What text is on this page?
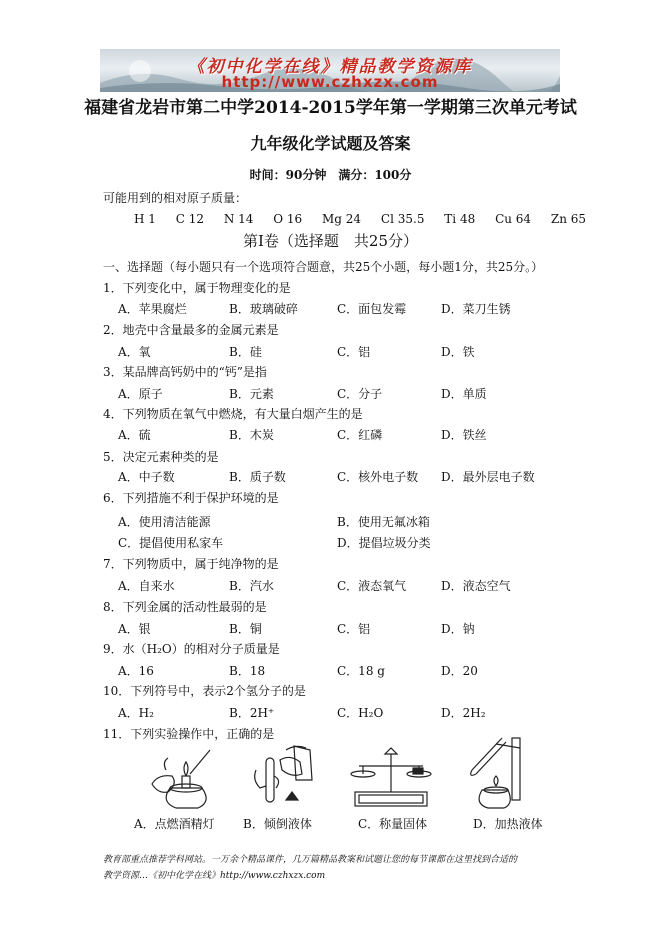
《初中化学在线》精品教学资源库
http://www.czhxzx.com
福建省龙岩市第二中学2014-2015学年第一学期第三次单元考试
九年级化学试题及答案
时间：90分钟　满分：100分
可能用到的相对原子质量：
H 1 C 12 N 14 O 16 Mg 24 Cl 35.5 Ti 48 Cu 64 Zn 65
第Ⅰ卷（选择题　共25分）
一、选择题（每小题只有一个选项符合题意，共25个小题，每小题1分，共25分。）
1．下列变化中，属于物理变化的是
A．苹果腐烂	B．玻璃破碎	C．面包发霉	D．菜刀生锈
2．地壳中含量最多的金属元素是
A．氧	B．硅	C．铝	D．铁
3．某品牌高钙奶中的“钙”是指
A．原子	B．元素	C．分子	D．单质
4．下列物质在氧气中燃烧，有大量白烟产生的是
A．硫	B．木炭	C．红磷	D．铁丝
5．决定元素种类的是
A．中子数	B．质子数	C．核外电子数 D．最外层电子数
6．下列措施不利于保护环境的是
A．使用清洁能源	B．使用无氟冰箱
C．提倡使用私家车	D．提倡垃圾分类
7．下列物质中，属于纯净物的是
A．自来水	B．汽水	C．液态氧气	D．液态空气
8．下列金属的活动性最弱的是
A．银	B．铜	C．铝	D．钠
9．水（H₂O）的相对分子质量是
A．16	B．18	C．18 g	D．20
10．下列符号中，表示2个氢分子的是
A．H₂	B．2H⁺	C．H₂O	D．2H₂
11．下列实验操作中，正确的是
A．点燃酒精灯 B．倾倒液体	C．称量固体	D．加热液体
教育部重点推荐学科网站。一万余个精品课件，几万篇精品教案和试题让您的每节课都在这里找到合适的
教学资源…《初中化学在线》http://www.czhxzx.com
